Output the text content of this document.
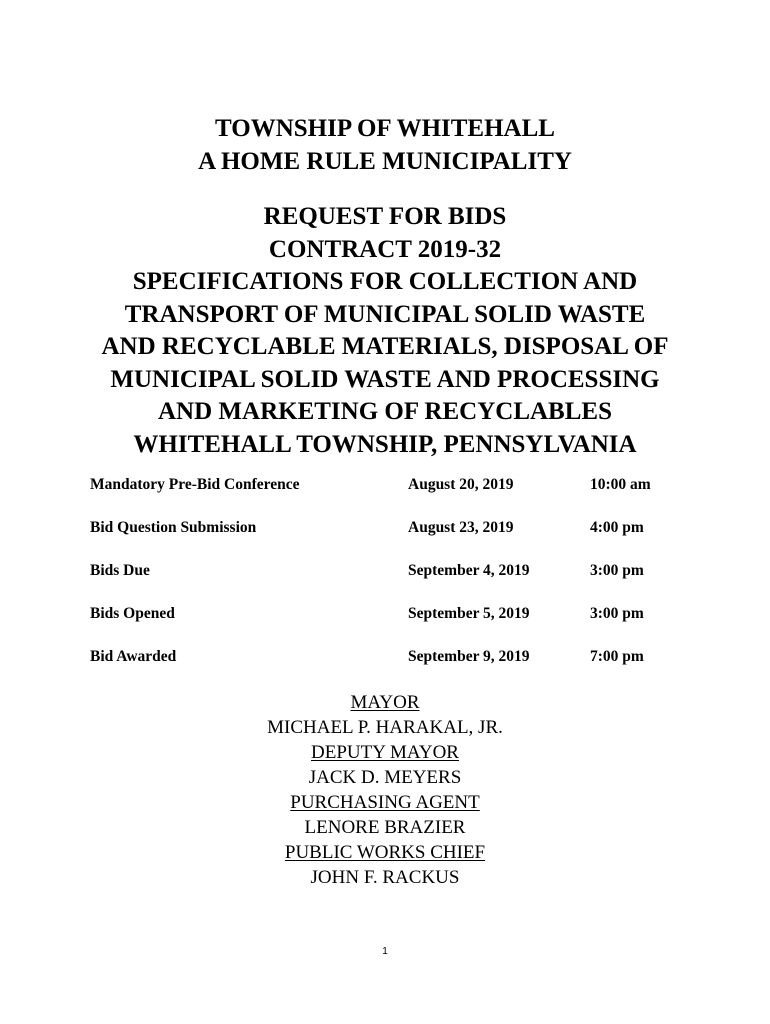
TOWNSHIP OF WHITEHALL
A HOME RULE MUNICIPALITY
REQUEST FOR BIDS
CONTRACT 2019-32
SPECIFICATIONS FOR COLLECTION AND
TRANSPORT OF MUNICIPAL SOLID WASTE
AND RECYCLABLE MATERIALS, DISPOSAL OF
MUNICIPAL SOLID WASTE AND PROCESSING
AND MARKETING OF RECYCLABLES
WHITEHALL TOWNSHIP, PENNSYLVANIA
Mandatory Pre-Bid Conference	August 20, 2019	10:00 am
Bid Question Submission	August 23, 2019	4:00 pm
Bids Due	September 4, 2019	3:00 pm
Bids Opened	September 5, 2019	3:00 pm
Bid Awarded	September 9, 2019	7:00 pm
MAYOR
MICHAEL P. HARAKAL, JR.
DEPUTY MAYOR
JACK D. MEYERS
PURCHASING AGENT
LENORE BRAZIER
PUBLIC WORKS CHIEF
JOHN F. RACKUS
1
